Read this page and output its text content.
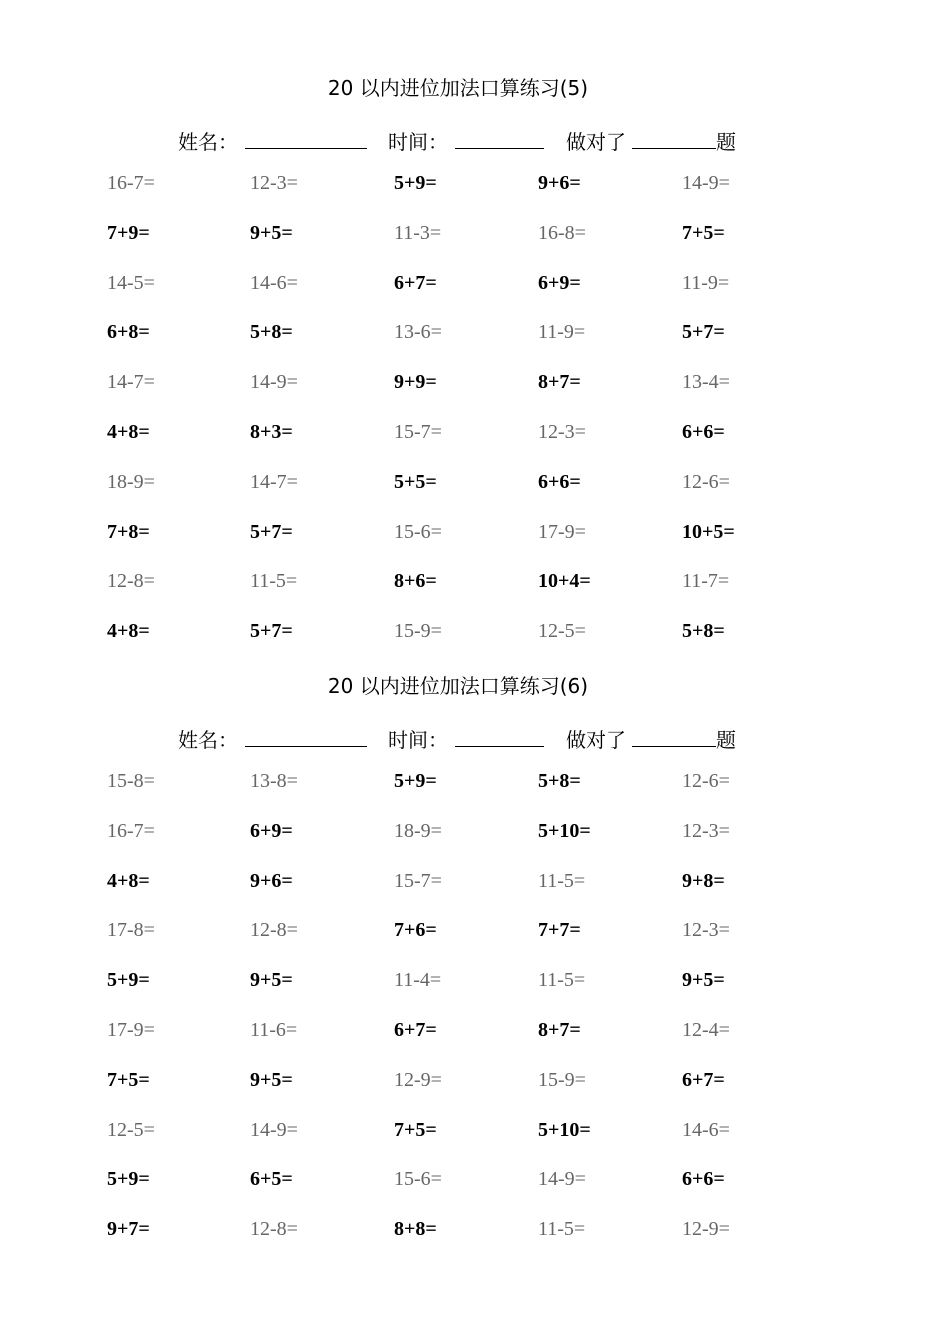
20 以内进位加法口算练习(5)
姓名：	时间：	做对了	题
16-7=	12-3=	5+9=	9+6=	14-9=
7+9=	9+5=	11-3=	16-8=	7+5=
14-5=	14-6=	6+7=	6+9=	11-9=
6+8=	5+8=	13-6=	11-9=	5+7=
14-7=	14-9=	9+9=	8+7=	13-4=
4+8=	8+3=	15-7=	12-3=	6+6=
18-9=	14-7=	5+5=	6+6=	12-6=
7+8=	5+7=	15-6=	17-9=	10+5=
12-8=	11-5=	8+6=	10+4=	11-7=
4+8=	5+7=	15-9=	12-5=	5+8=
20 以内进位加法口算练习(6)
姓名：	时间：	做对了	题
15-8=	13-8=	5+9=	5+8=	12-6=
16-7=	6+9=	18-9=	5+10=	12-3=
4+8=	9+6=	15-7=	11-5=	9+8=
17-8=	12-8=	7+6=	7+7=	12-3=
5+9=	9+5=	11-4=	11-5=	9+5=
17-9=	11-6=	6+7=	8+7=	12-4=
7+5=	9+5=	12-9=	15-9=	6+7=
12-5=	14-9=	7+5=	5+10=	14-6=
5+9=	6+5=	15-6=	14-9=	6+6=
9+7=	12-8=	8+8=	11-5=	12-9=
